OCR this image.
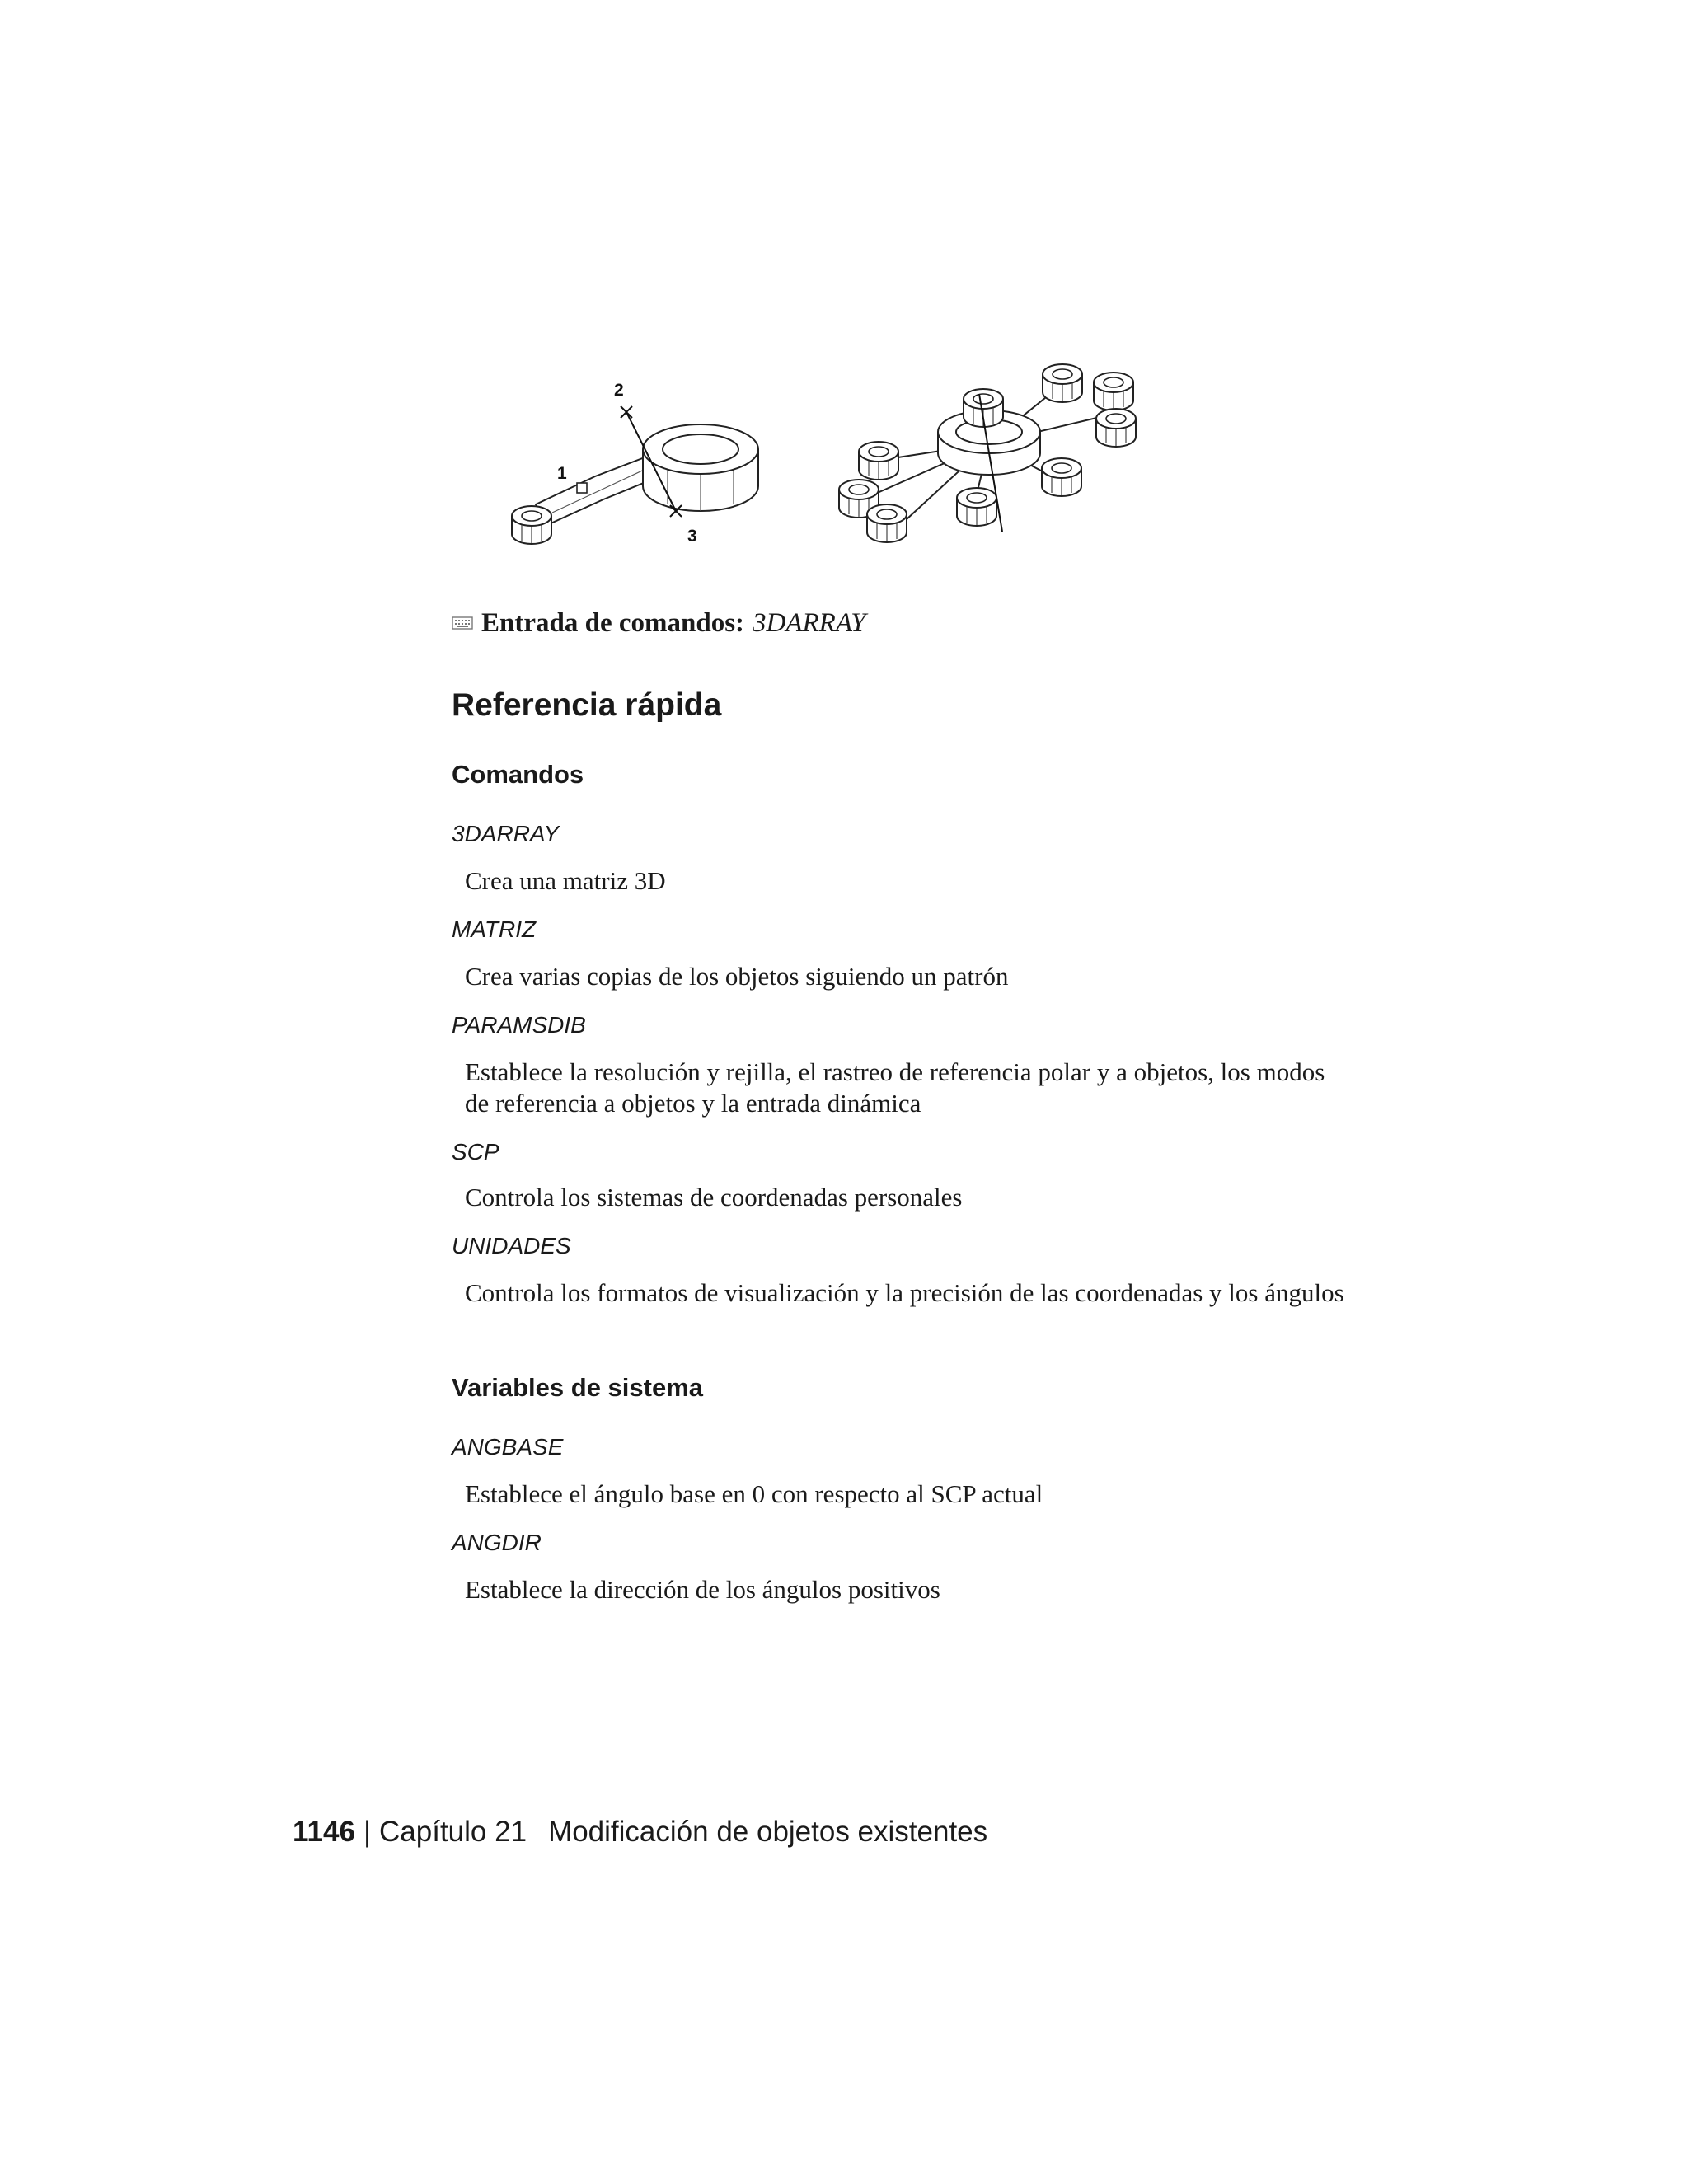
1
2
3
Entrada de comandos: 3DARRAY
Referencia rápida
Comandos
3DARRAY
Crea una matriz 3D
MATRIZ
Crea varias copias de los objetos siguiendo un patrón
PARAMSDIB
Establece la resolución y rejilla, el rastreo de referencia polar y a objetos, los modos de referencia a objetos y la entrada dinámica
SCP
Controla los sistemas de coordenadas personales
UNIDADES
Controla los formatos de visualización y la precisión de las coordenadas y los ángulos
Variables de sistema
ANGBASE
Establece el ángulo base en 0 con respecto al SCP actual
ANGDIR
Establece la dirección de los ángulos positivos
1146 | Capítulo 21 Modificación de objetos existentes
